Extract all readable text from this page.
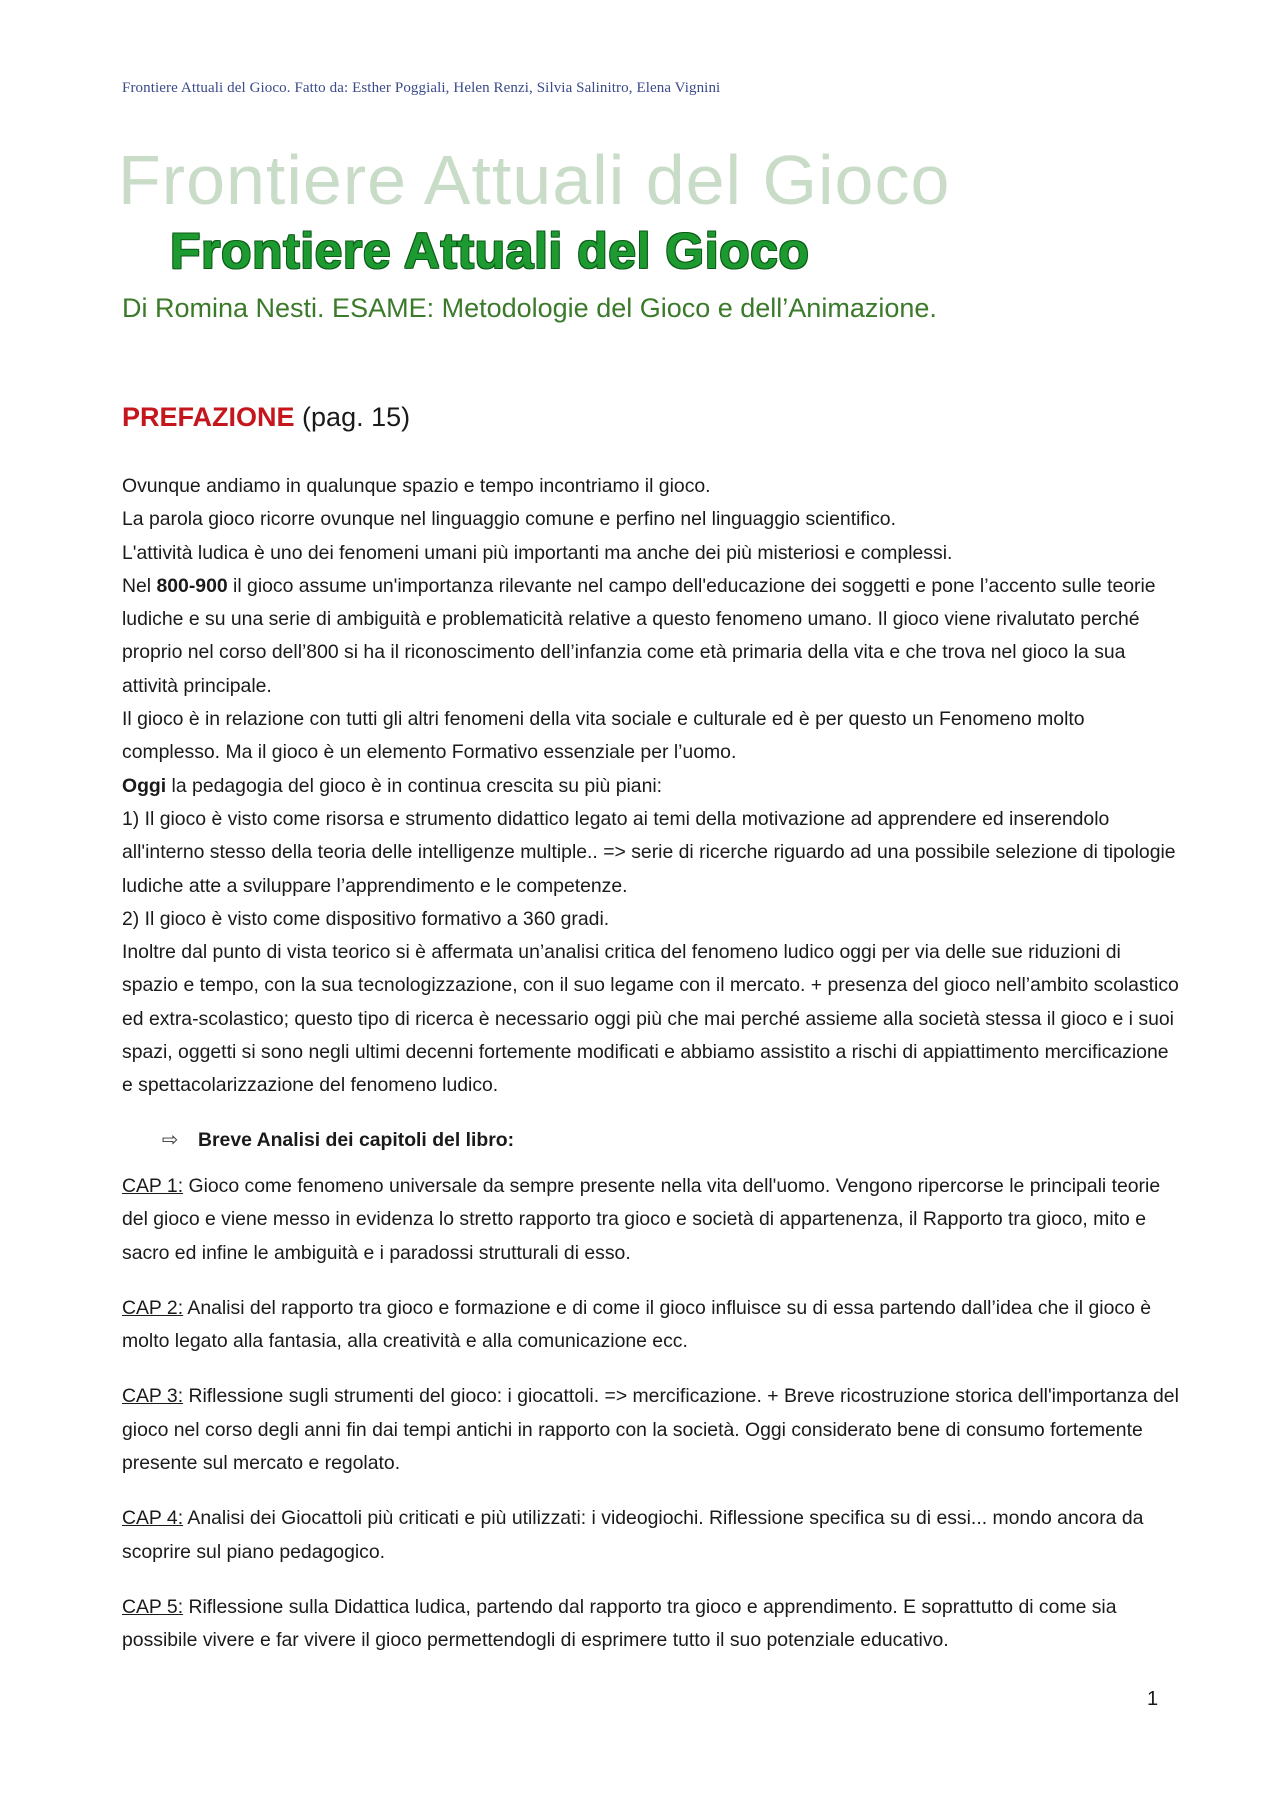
Frontiere Attuali del Gioco. Fatto da: Esther Poggiali, Helen Renzi, Silvia Salinitro, Elena Vignini
Frontiere Attuali del Gioco
Frontiere Attuali del Gioco
Di Romina Nesti. ESAME: Metodologie del Gioco e dell’Animazione.
PREFAZIONE (pag. 15)

Ovunque andiamo in qualunque spazio e tempo incontriamo il gioco.

La parola gioco ricorre ovunque nel linguaggio comune e perfino nel linguaggio scientifico.

L'attività ludica è uno dei fenomeni umani più importanti ma anche dei più misteriosi e complessi.

Nel 800-900 il gioco assume un'importanza rilevante nel campo dell'educazione dei soggetti e pone l’accento sulle teorie ludiche e su una serie di ambiguità e problematicità relative a questo fenomeno umano. Il gioco viene rivalutato perché proprio nel corso dell’800 si ha il riconoscimento dell’infanzia come età primaria della vita e che trova nel gioco la sua attività principale.

Il gioco è in relazione con tutti gli altri fenomeni della vita sociale e culturale ed è per questo un Fenomeno molto complesso. Ma il gioco è un elemento Formativo essenziale per l’uomo.

Oggi la pedagogia del gioco è in continua crescita su più piani:

1) Il gioco è visto come risorsa e strumento didattico legato ai temi della motivazione ad apprendere ed inserendolo all'interno stesso della teoria delle intelligenze multiple.. => serie di ricerche riguardo ad una possibile selezione di tipologie ludiche atte a sviluppare l’apprendimento e le competenze.

2) Il gioco è visto come dispositivo formativo a 360 gradi.

Inoltre dal punto di vista teorico si è affermata un’analisi critica del fenomeno ludico oggi per via delle sue riduzioni di spazio e tempo, con la sua tecnologizzazione, con il suo legame con il mercato. + presenza del gioco nell’ambito scolastico ed extra-scolastico; questo tipo di ricerca è necessario oggi più che mai perché assieme alla società stessa il gioco e i suoi spazi, oggetti si sono negli ultimi decenni fortemente modificati e abbiamo assistito a rischi di appiattimento mercificazione e spettacolarizzazione del fenomeno ludico.

⇨ Breve Analisi dei capitoli del libro:

CAP 1: Gioco come fenomeno universale da sempre presente nella vita dell'uomo. Vengono ripercorse le principali teorie del gioco e viene messo in evidenza lo stretto rapporto tra gioco e società di appartenenza, il Rapporto tra gioco, mito e sacro ed infine le ambiguità e i paradossi strutturali di esso.

CAP 2: Analisi del rapporto tra gioco e formazione e di come il gioco influisce su di essa partendo dall’idea che il gioco è molto legato alla fantasia, alla creatività e alla comunicazione ecc.

CAP 3: Riflessione sugli strumenti del gioco: i giocattoli. => mercificazione. + Breve ricostruzione storica dell'importanza del gioco nel corso degli anni fin dai tempi antichi in rapporto con la società. Oggi considerato bene di consumo fortemente presente sul mercato e regolato.

CAP 4: Analisi dei Giocattoli più criticati e più utilizzati: i videogiochi. Riflessione specifica su di essi... mondo ancora da scoprire sul piano pedagogico.

CAP 5: Riflessione sulla Didattica ludica, partendo dal rapporto tra gioco e apprendimento. E soprattutto di come sia possibile vivere e far vivere il gioco permettendogli di esprimere tutto il suo potenziale educativo.

1
